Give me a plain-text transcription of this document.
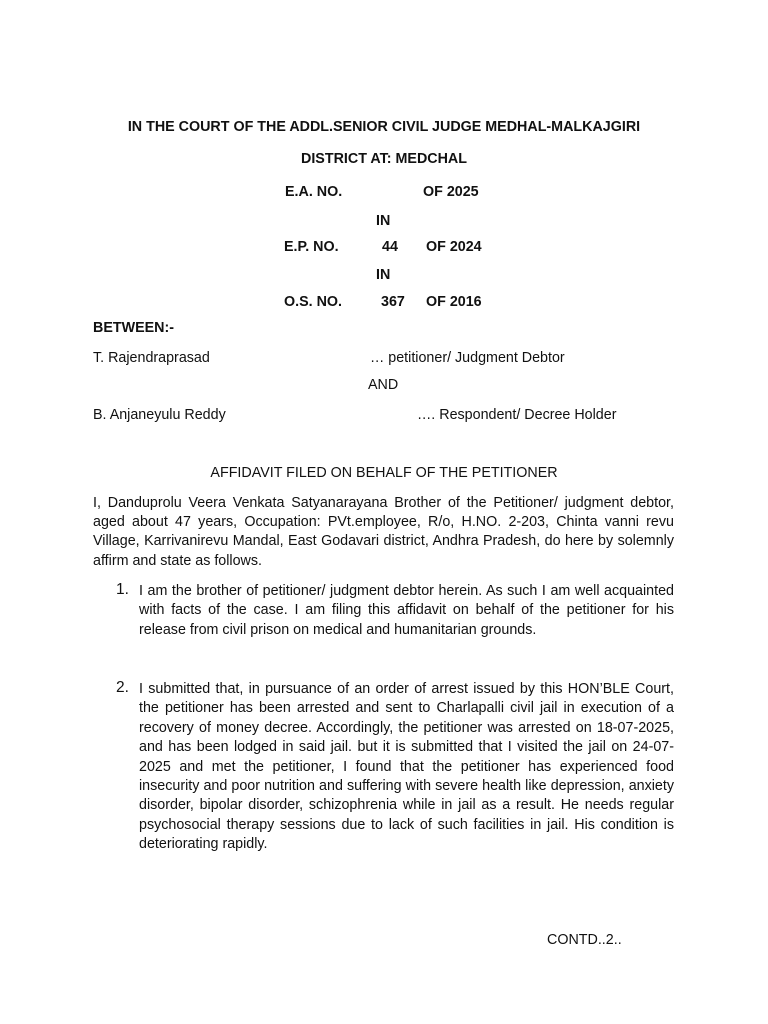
IN THE COURT OF THE ADDL.SENIOR CIVIL JUDGE MEDHAL-MALKAJGIRI
DISTRICT AT: MEDCHAL
E.A. NO.	OF 2025
IN
E.P. NO.	44 OF 2024
IN
O.S. NO.	367 OF 2016
BETWEEN:-
T. Rajendraprasad	… petitioner/ Judgment Debtor
AND
B. Anjaneyulu Reddy	…. Respondent/ Decree Holder
AFFIDAVIT FILED ON BEHALF OF THE PETITIONER
I, Danduprolu Veera Venkata Satyanarayana Brother of the Petitioner/ judgment debtor, aged about 47 years, Occupation: PVt.employee, R/o, H.NO. 2-203, Chinta vanni revu Village, Karrivanirevu Mandal, East Godavari district, Andhra Pradesh, do here by solemnly affirm and state as follows.
1. I am the brother of petitioner/ judgment debtor herein. As such I am well acquainted with facts of the case. I am filing this affidavit on behalf of the petitioner for his release from civil prison on medical and humanitarian grounds.
2. I submitted that, in pursuance of an order of arrest issued by this HON’BLE Court, the petitioner has been arrested and sent to Charlapalli civil jail in execution of a recovery of money decree. Accordingly, the petitioner was arrested on 18-07-2025, and has been lodged in said jail. but it is submitted that I visited the jail on 24-07-2025 and met the petitioner, I found that the petitioner has experienced food insecurity and poor nutrition and suffering with severe health like depression, anxiety disorder, bipolar disorder, schizophrenia while in jail as a result. He needs regular psychosocial therapy sessions due to lack of such facilities in jail. His condition is deteriorating rapidly.
CONTD..2..
